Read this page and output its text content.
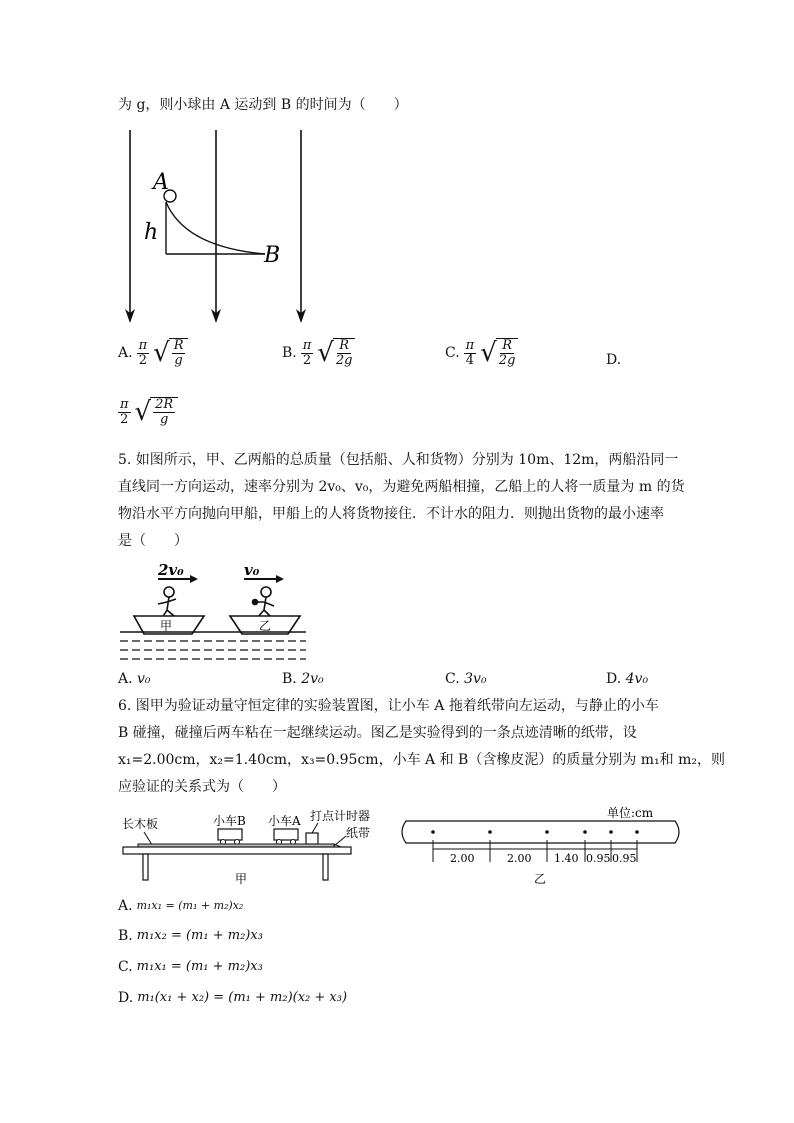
为 g，则小球由 A 运动到 B 的时间为（　　）
A
h
B
A. $\frac{\pi}{2}$ √ R
g	B. $\frac{\pi}{2}$ √ R
2g	C. $\frac{\pi}{4}$ √ R
2g	D.
$\frac{\pi}{2}$ √ 2R
g
5. 如图所示，甲、乙两船的总质量（包括船、人和货物）分别为 10m、12m，两船沿同一
直线同一方向运动，速率分别为 2v₀、v₀，为避免两船相撞，乙船上的人将一质量为 m 的货
物沿水平方向抛向甲船，甲船上的人将货物接住．不计水的阻力．则抛出货物的最小速率
是（　　）
2v₀	v₀
甲	乙
A. v₀	B. 2v₀	C. 3v₀	D. 4v₀
6. 图甲为验证动量守恒定律的实验装置图，让小车 A 拖着纸带向左运动，与静止的小车
B 碰撞，碰撞后两车粘在一起继续运动。图乙是实验得到的一条点迹清晰的纸带，设
x₁=2.00cm，x₂=1.40cm，x₃=0.95cm，小车 A 和 B（含橡皮泥）的质量分别为 m₁和 m₂，则
应验证的关系式为（　　）
长木板	小车B 小车A 打点计时器
纸带
甲
单位:cm
2.00	2.00 1.40 0.95 0.95
乙
A. m₁x₁ = (m₁ + m₂)x₂
B. m₁x₂ = (m₁ + m₂)x₃
C. m₁x₁ = (m₁ + m₂)x₃
D. m₁(x₁ + x₂) = (m₁ + m₂)(x₂ + x₃)
